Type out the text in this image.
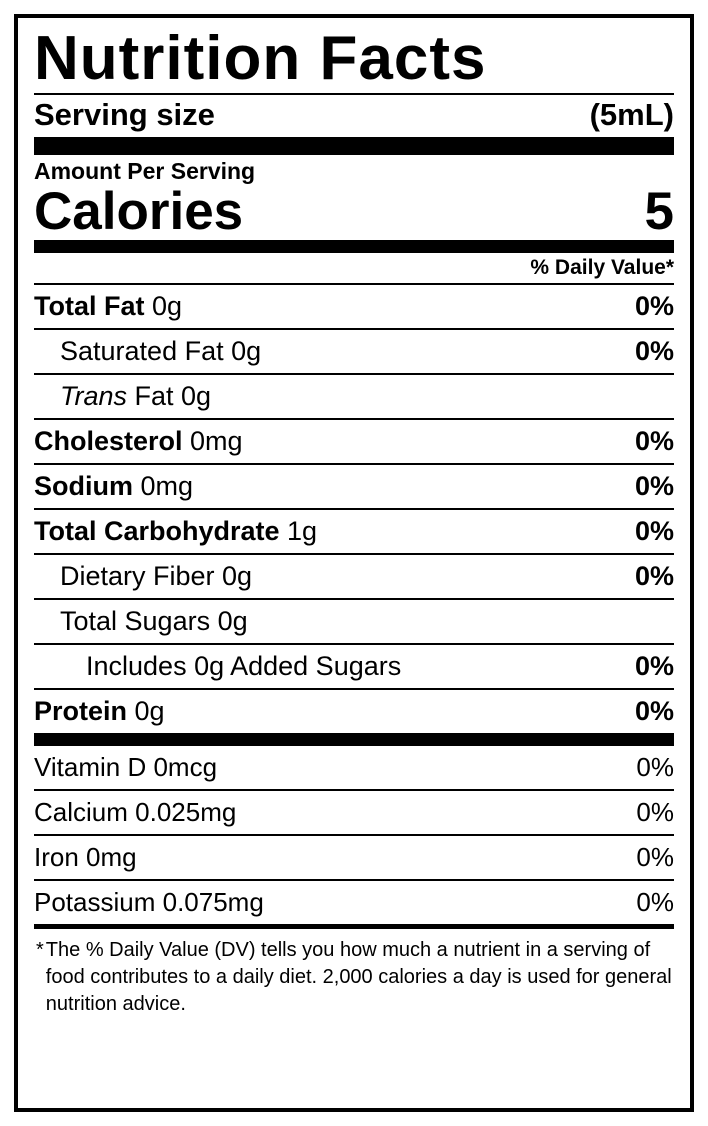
Nutrition Facts
Serving size	(5mL)
Amount Per Serving
Calories	5
% Daily Value*
Total Fat 0g	0%
Saturated Fat 0g	0%
Trans Fat 0g
Cholesterol 0mg	0%
Sodium 0mg	0%
Total Carbohydrate 1g	0%
Dietary Fiber 0g	0%
Total Sugars 0g
Includes 0g Added Sugars	0%
Protein 0g	0%
Vitamin D 0mcg	0%
Calcium 0.025mg	0%
Iron 0mg	0%
Potassium 0.075mg	0%
* The % Daily Value (DV) tells you how much a nutrient in a serving of food contributes to a daily diet. 2,000 calories a day is used for general nutrition advice.
